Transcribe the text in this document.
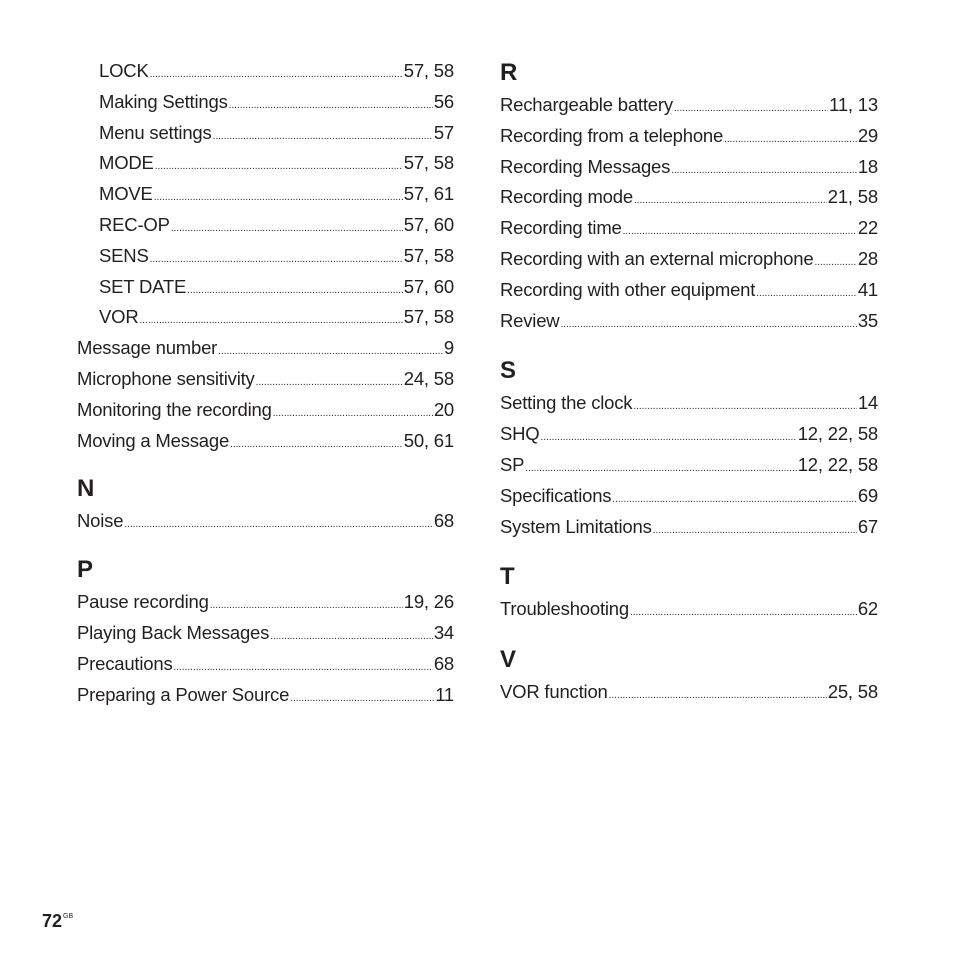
LOCK .....	57, 58
Making Settings .....	56
Menu settings .....	57
MODE .....	57, 58
MOVE .....	57, 61
REC-OP .....	57, 60
SENS .....	57, 58
SET DATE .....	57, 60
VOR .....	57, 58
Message number .....	9
Microphone sensitivity .....	24, 58
Monitoring the recording .....	20
Moving a Message .....	50, 61
N
Noise .....	68
P
Pause recording .....	19, 26
Playing Back Messages .....	34
Precautions .....	68
Preparing a Power Source .....	11
R
Rechargeable battery .....	11, 13
Recording from a telephone .....	29
Recording Messages .....	18
Recording mode .....	21, 58
Recording time .....	22
Recording with an external microphone ..... 28
Recording with other equipment .....	41
Review .....	35
S
Setting the clock .....	14
SHQ .....	12, 22, 58
SP .....	12, 22, 58
Specifications .....	69
System Limitations .....	67
T
Troubleshooting .....	62
V
VOR function .....	25, 58
$72^{GB}$
